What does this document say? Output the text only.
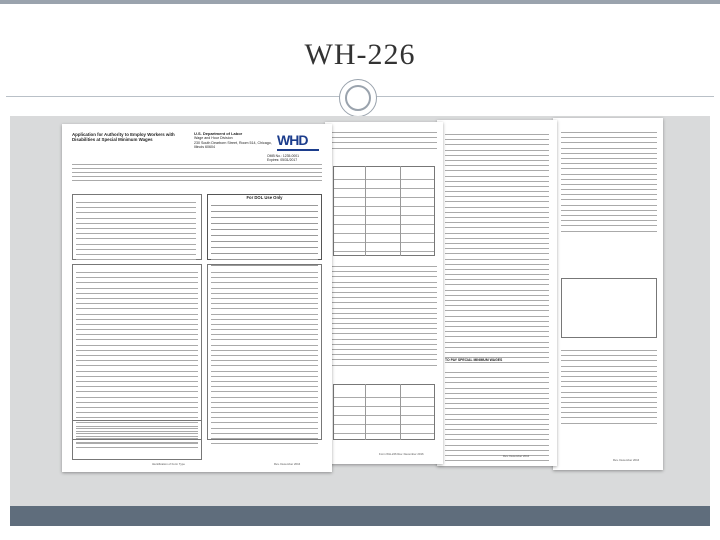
WH-226
Rev. December 2016
TO PAY SPECIAL MINIMUM WAGES
Rev. December 2016
Form WH-226 Rev. December 2016
Application for Authority to Employ Workers with Disabilities at Special Minimum Wages
U.S. Department of Labor
Wage and Hour Division
230 South Dearborn Street, Room 514, Chicago, Illinois 60604	WHD
OMB No.: 1235-0001
Expires: 05/31/2017
For DOL Use Only
Identification of Form Type	Rev. December 2016
